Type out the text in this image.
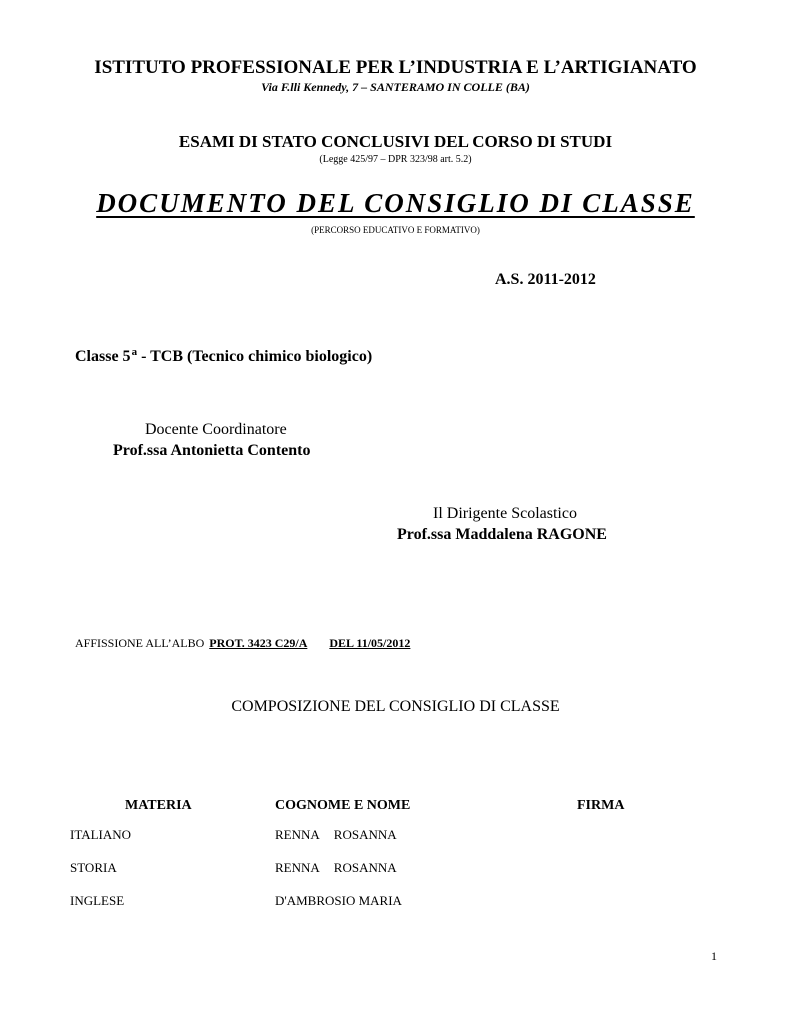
ISTITUTO PROFESSIONALE PER L’INDUSTRIA E L’ARTIGIANATO
Via F.lli Kennedy, 7 – SANTERAMO IN COLLE (BA)
ESAMI DI STATO CONCLUSIVI DEL CORSO DI STUDI
(Legge 425/97 – DPR 323/98 art. 5.2)
DOCUMENTO DEL CONSIGLIO DI CLASSE
(PERCORSO EDUCATIVO E FORMATIVO)
A.S. 2011-2012
Classe 5$^a$ - TCB (Tecnico chimico biologico)
Docente Coordinatore
Prof.ssa Antonietta Contento
Il Dirigente Scolastico
Prof.ssa Maddalena RAGONE
AFFISSIONE ALL’ALBO PROT. 3423 C29/A DEL 11/05/2012
COMPOSIZIONE DEL CONSIGLIO DI CLASSE
MATERIA	COGNOME E NOME	FIRMA
ITALIANO	RENNA ROSANNA
STORIA	RENNA ROSANNA
INGLESE	D'AMBROSIO MARIA
1
